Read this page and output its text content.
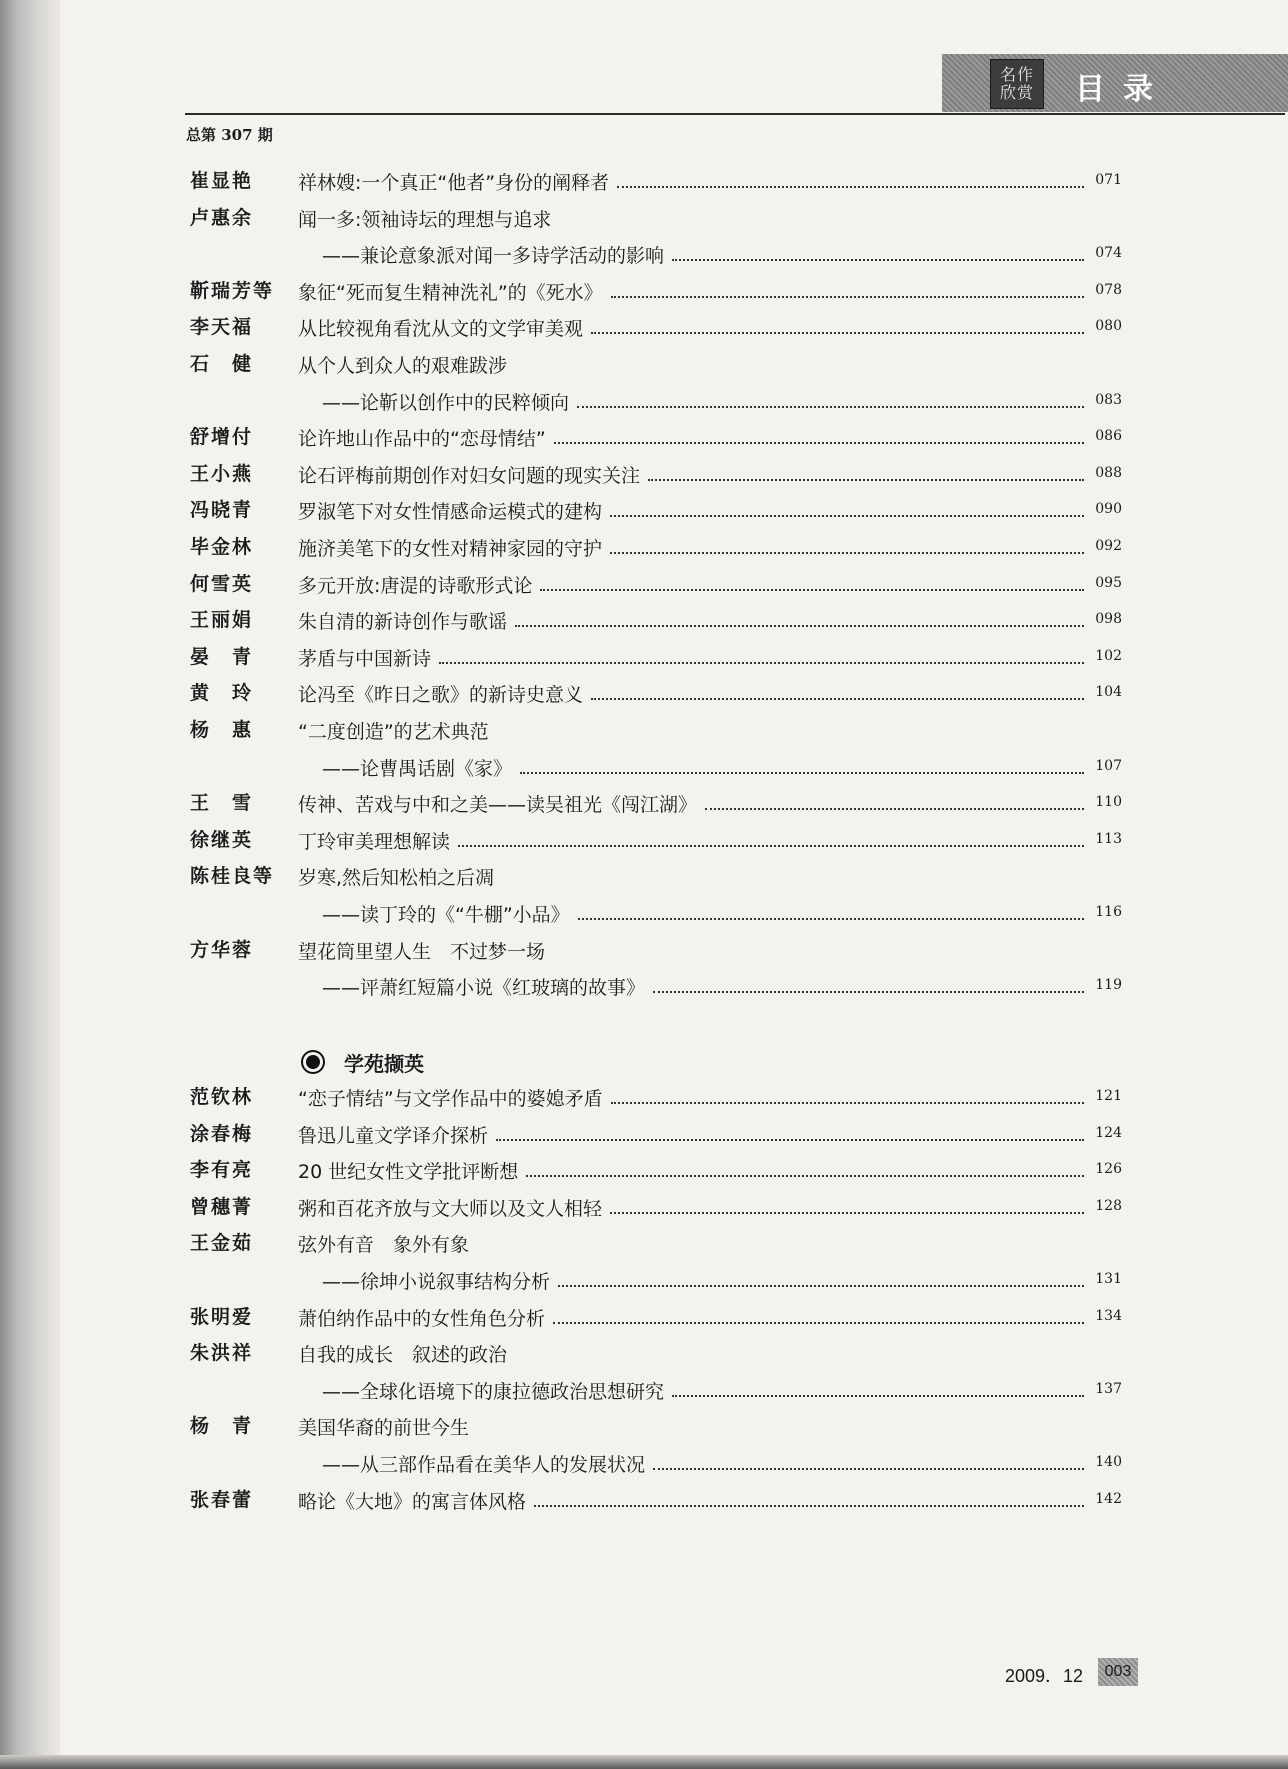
名作欣赏 目录
总第 307 期
崔显艳	祥林嫂:一个真正“他者”身份的阐释者	071
卢惠余	闻一多:领袖诗坛的理想与追求
——兼论意象派对闻一多诗学活动的影响	074
靳瑞芳等	象征“死而复生精神洗礼”的《死水》	078
李天福	从比较视角看沈从文的文学审美观	080
石　健	从个人到众人的艰难跋涉
——论靳以创作中的民粹倾向	083
舒增付	论许地山作品中的“恋母情结”	086
王小燕	论石评梅前期创作对妇女问题的现实关注	088
冯晓青	罗淑笔下对女性情感命运模式的建构	090
毕金林	施济美笔下的女性对精神家园的守护	092
何雪英	多元开放:唐湜的诗歌形式论	095
王丽娟	朱自清的新诗创作与歌谣	098
晏　青	茅盾与中国新诗	102
黄　玲	论冯至《昨日之歌》的新诗史意义	104
杨　惠	“二度创造”的艺术典范
——论曹禺话剧《家》	107
王　雪	传神、苦戏与中和之美——读吴祖光《闯江湖》	110
徐继英	丁玲审美理想解读	113
陈桂良等	岁寒,然后知松柏之后凋
——读丁玲的《“牛棚”小品》	116
方华蓉	望花筒里望人生　不过梦一场
——评萧红短篇小说《红玻璃的故事》	119
学苑撷英
范钦林	“恋子情结”与文学作品中的婆媳矛盾	121
涂春梅	鲁迅儿童文学译介探析	124
李有亮	20 世纪女性文学批评断想	126
曾穗菁	粥和百花齐放与文大师以及文人相轻	128
王金茹	弦外有音　象外有象
——徐坤小说叙事结构分析	131
张明爱	萧伯纳作品中的女性角色分析	134
朱洪祥	自我的成长　叙述的政治
——全球化语境下的康拉德政治思想研究	137
杨　青	美国华裔的前世今生
——从三部作品看在美华人的发展状况	140
张春蕾	略论《大地》的寓言体风格	142
2009．12	003
